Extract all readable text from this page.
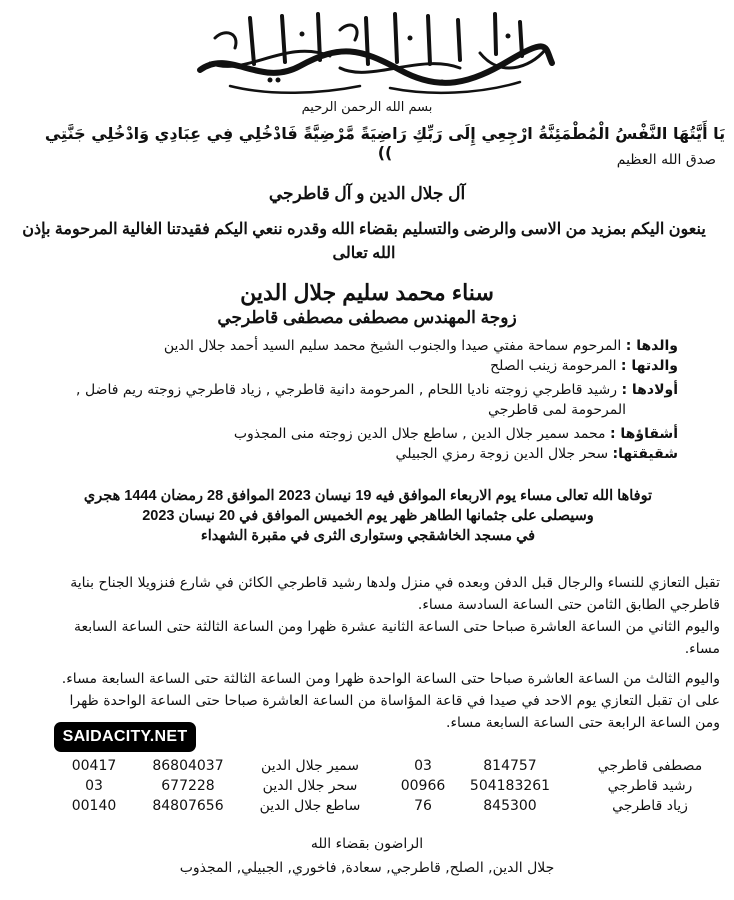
بسم الله الرحمن الرحيم
يَا أَيَّتُهَا النَّفْسُ الْمُطْمَئِنَّةُ ارْجِعِي إِلَى رَبِّكِ رَاضِيَةً مَّرْضِيَّةً فَادْخُلِي فِي عِبَادِي وَادْخُلِي جَنَّتِي ))	صدق الله العظيم
آل جلال الدين و آل قاطرجي
ينعون اليكم بمزيد من الاسى والرضى والتسليم بقضاء الله وقدره ننعي اليكم فقيدتنا الغالية المرحومة بإذن الله تعالى
سناء محمد سليم جلال الدين
زوجة المهندس مصطفى مصطفى قاطرجي
والدها : المرحوم سماحة مفتي صيدا والجنوب الشيخ محمد سليم السيد أحمد جلال الدين
والدتها : المرحومة زينب الصلح
أولادها : رشيد قاطرجي زوجته ناديا اللحام , المرحومة دانية قاطرجي , زياد قاطرجي زوجته ريم فاضل ,
المرحومة لمى قاطرجي
أشقاؤها : محمد سمير جلال الدين , ساطع جلال الدين زوجته منى المجذوب
شقيقتها: سحر جلال الدين زوجة رمزي الجبيلي
توفاها الله تعالى مساء يوم الاربعاء الموافق فيه 19 نيسان 2023 الموافق 28 رمضان 1444 هجري
وسيصلى على جثمانها الطاهر ظهر يوم الخميس الموافق في 20 نيسان 2023
في مسجد الخاشقجي وستوارى الثرى في مقبرة الشهداء
تقبل التعازي للنساء والرجال قبل الدفن وبعده في منزل ولدها رشيد قاطرجي الكائن في شارع فنزويلا الجناح بناية
قاطرجي الطابق الثامن حتى الساعة السادسة مساء.
واليوم الثاني من الساعة العاشرة صباحا حتى الساعة الثانية عشرة ظهرا ومن الساعة الثالثة حتى الساعة السابعة
مساء.
واليوم الثالث من الساعة العاشرة صباحا حتى الساعة الواحدة ظهرا ومن الساعة الثالثة حتى الساعة السابعة مساء.
على ان تقبل التعازي يوم الاحد في صيدا في قاعة المؤاساة من الساعة العاشرة صباحا حتى الساعة الواحدة ظهرا
ومن الساعة الرابعة حتى الساعة السابعة مساء.
SAIDACITY.NET
مصطفى قاطرجي
814757
03
سمير جلال الدين
86804037
00417
رشيد قاطرجي
504183261
00966
سحر جلال الدين
677228
03
زياد قاطرجي
845300
76
ساطع جلال الدين
84807656
00140
الراضون بقضاء الله
جلال الدين, الصلح, قاطرجي, سعادة, فاخوري, الجبيلي, المجذوب
